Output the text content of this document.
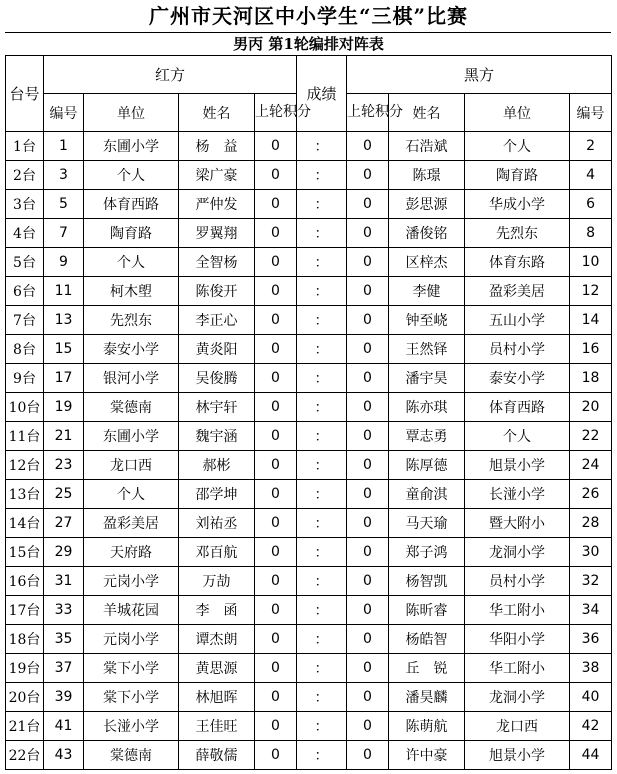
广州市天河区中小学生“三棋”比赛
男丙 第1轮编排对阵表
台号	红方				成绩	黑方			
	编号	单位	姓名	上轮积分		上轮积分	姓名	单位	编号
1台	1	东圃小学	杨　益	0	：	0	石浩斌	个人	2
2台	3	个人	梁广豪	0	：	0	陈璟	陶育路	4
3台	5	体育西路	严仲发	0	：	0	彭思源	华成小学	6
4台	7	陶育路	罗翼翔	0	：	0	潘俊铭	先烈东	8
5台	9	个人	全智杨	0	：	0	区梓杰	体育东路	10
6台	11	柯木塱	陈俊开	0	：	0	李健	盈彩美居	12
7台	13	先烈东	李正心	0	：	0	钟至峣	五山小学	14
8台	15	泰安小学	黄炎阳	0	：	0	王然铎	员村小学	16
9台	17	银河小学	吴俊腾	0	：	0	潘宇昊	泰安小学	18
10台	19	棠德南	林宇轩	0	：	0	陈亦琪	体育西路	20
11台	21	东圃小学	魏宇涵	0	：	0	覃志勇	个人	22
12台	23	龙口西	郝彬	0	：	0	陈厚德	旭景小学	24
13台	25	个人	邵学坤	0	：	0	童俞淇	长湴小学	26
14台	27	盈彩美居	刘祐丞	0	：	0	马天瑜	暨大附小	28
15台	29	天府路	邓百航	0	：	0	郑子鸿	龙洞小学	30
16台	31	元岗小学	万劼	0	：	0	杨智凯	员村小学	32
17台	33	羊城花园	李　函	0	：	0	陈昕睿	华工附小	34
18台	35	元岗小学	谭杰朗	0	：	0	杨皓智	华阳小学	36
19台	37	棠下小学	黄思源	0	：	0	丘　锐	华工附小	38
20台	39	棠下小学	林旭晖	0	：	0	潘昊麟	龙洞小学	40
21台	41	长湴小学	王佳旺	0	：	0	陈萌航	龙口西	42
22台	43	棠德南	薛敬儒	0	：	0	许中豪	旭景小学	44
